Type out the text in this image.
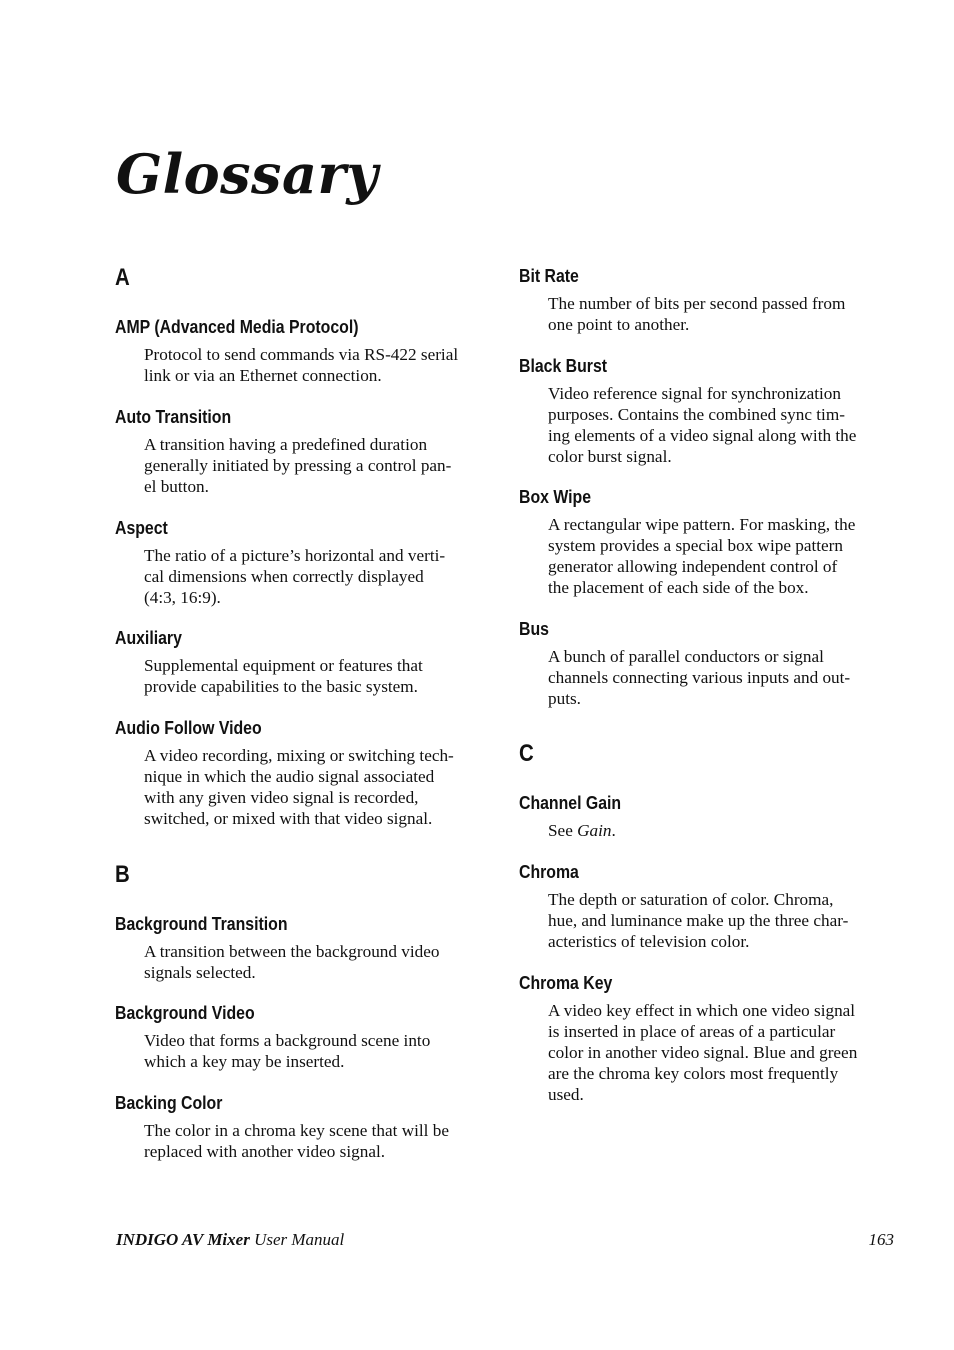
Glossary
A
AMP (Advanced Media Protocol)
Protocol to send commands via RS-422 serial
link or via an Ethernet connection.
Auto Transition
A transition having a predefined duration
generally initiated by pressing a control pan-
el button.
Aspect
The ratio of a picture’s horizontal and verti-
cal dimensions when correctly displayed
(4:3, 16:9).
Auxiliary
Supplemental equipment or features that
provide capabilities to the basic system.
Audio Follow Video
A video recording, mixing or switching tech-
nique in which the audio signal associated
with any given video signal is recorded,
switched, or mixed with that video signal.
B
Background Transition
A transition between the background video
signals selected.
Background Video
Video that forms a background scene into
which a key may be inserted.
Backing Color
The color in a chroma key scene that will be
replaced with another video signal.
Bit Rate
The number of bits per second passed from
one point to another.
Black Burst
Video reference signal for synchronization
purposes. Contains the combined sync tim-
ing elements of a video signal along with the
color burst signal.
Box Wipe
A rectangular wipe pattern. For masking, the
system provides a special box wipe pattern
generator allowing independent control of
the placement of each side of the box.
Bus
A bunch of parallel conductors or signal
channels connecting various inputs and out-
puts.
C
Channel Gain
See Gain.
Chroma
The depth or saturation of color. Chroma,
hue, and luminance make up the three char-
acteristics of television color.
Chroma Key
A video key effect in which one video signal
is inserted in place of areas of a particular
color in another video signal. Blue and green
are the chroma key colors most frequently
used.
INDIGO AV Mixer User Manual	163
